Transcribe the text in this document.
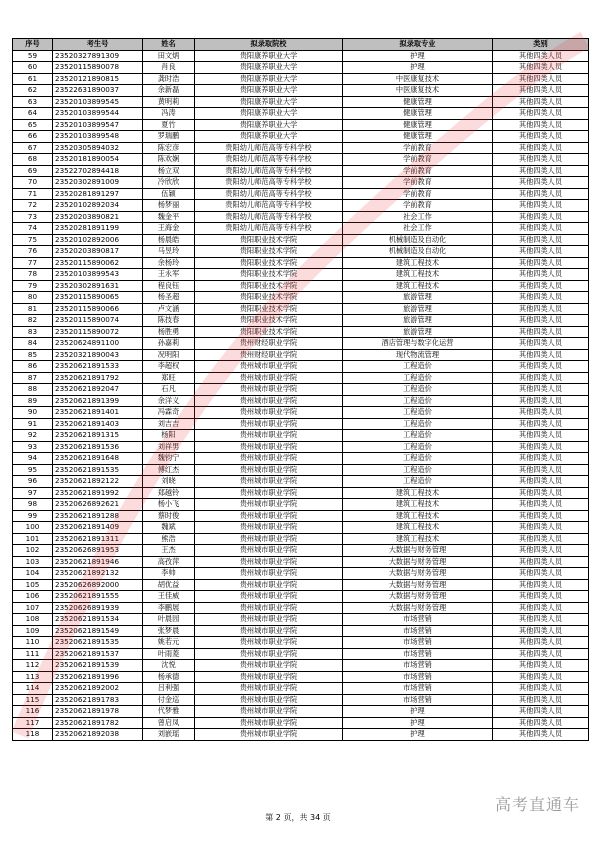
序号	考生号	姓名	拟录取院校	拟录取专业	类别
59	23520327891309	田文炳	贵阳康养职业大学	护理	其他四类人员
60	23520115890078	肖良	贵阳康养职业大学	护理	其他四类人员
61	23520121890815	龚时浩	贵阳康养职业大学	中医康复技术	其他四类人员
62	23522631890037	余新磊	贵阳康养职业大学	中医康复技术	其他四类人员
63	23520103899545	黄明莉	贵阳康养职业大学	健康管理	其他四类人员
64	23520103899544	冯涛	贵阳康养职业大学	健康管理	其他四类人员
65	23520103899547	夏竹	贵阳康养职业大学	健康管理	其他四类人员
66	23520103899548	罗瑞鹏	贵阳康养职业大学	健康管理	其他四类人员
67	23520305894032	陈宏彦	贵阳幼儿师范高等专科学校	学前教育	其他四类人员
68	23520181890054	陈欢娴	贵阳幼儿师范高等专科学校	学前教育	其他四类人员
69	23522702894418	杨立双	贵阳幼儿师范高等专科学校	学前教育	其他四类人员
70	23520302891009	冷欣欣	贵阳幼儿师范高等专科学校	学前教育	其他四类人员
71	23520281891297	伍颖	贵阳幼儿师范高等专科学校	学前教育	其他四类人员
72	23520102892034	杨梦丽	贵阳幼儿师范高等专科学校	学前教育	其他四类人员
73	23520203890821	魏金平	贵阳幼儿师范高等专科学校	社会工作	其他四类人员
74	23520281891199	王海金	贵阳幼儿师范高等专科学校	社会工作	其他四类人员
75	23520102892006	杨晨皓	贵阳职业技术学院	机械制造及自动化	其他四类人员
76	23520203890817	马昱玲	贵阳职业技术学院	机械制造及自动化	其他四类人员
77	23520115890062	余杨玲	贵阳职业技术学院	建筑工程技术	其他四类人员
78	23520103899543	王永军	贵阳职业技术学院	建筑工程技术	其他四类人员
79	23520302891631	程良钰	贵阳职业技术学院	建筑工程技术	其他四类人员
80	23520115890065	杨圣超	贵阳职业技术学院	旅游管理	其他四类人员
81	23520115890066	卢文涵	贵阳职业技术学院	旅游管理	其他四类人员
82	23520115890074	陈技春	贵阳职业技术学院	旅游管理	其他四类人员
83	23520115890072	杨胜勇	贵阳职业技术学院	旅游管理	其他四类人员
84	23520624891100	孙嘉莉	贵州财经职业学院	酒店管理与数字化运营	其他四类人员
85	23520321890043	况明阳	贵州财经职业学院	现代物流管理	其他四类人员
86	23520621891533	李超权	贵州城市职业学院	工程造价	其他四类人员
87	23520621891792	郑旺	贵州城市职业学院	工程造价	其他四类人员
88	23520621892047	石凡	贵州城市职业学院	工程造价	其他四类人员
89	23520621891399	余洋义	贵州城市职业学院	工程造价	其他四类人员
90	23520621891401	冯霖奇	贵州城市职业学院	工程造价	其他四类人员
91	23520621891403	刘吉吉	贵州城市职业学院	工程造价	其他四类人员
92	23520621891315	杨阳	贵州城市职业学院	工程造价	其他四类人员
93	23520621891536	刘祥男	贵州城市职业学院	工程造价	其他四类人员
94	23520621891648	魏钧宁	贵州城市职业学院	工程造价	其他四类人员
95	23520621891535	傅红杰	贵州城市职业学院	工程造价	其他四类人员
96	23520621892122	刘晓	贵州城市职业学院	工程造价	其他四类人员
97	23520621891992	郑越铃	贵州城市职业学院	建筑工程技术	其他四类人员
98	23520626892621	杨小飞	贵州城市职业学院	建筑工程技术	其他四类人员
99	23520621891288	蔡时俊	贵州城市职业学院	建筑工程技术	其他四类人员
100	23520621891409	魏斌	贵州城市职业学院	建筑工程技术	其他四类人员
101	23520621891311	熊浩	贵州城市职业学院	建筑工程技术	其他四类人员
102	23520626891953	王杰	贵州城市职业学院	大数据与财务管理	其他四类人员
103	23520621891946	高孜萍	贵州城市职业学院	大数据与财务管理	其他四类人员
104	23520621892132	李帅	贵州城市职业学院	大数据与财务管理	其他四类人员
105	23520626892000	胡优益	贵州城市职业学院	大数据与财务管理	其他四类人员
106	23520621891555	王佳威	贵州城市职业学院	大数据与财务管理	其他四类人员
107	23520626891939	李鹏展	贵州城市职业学院	大数据与财务管理	其他四类人员
108	23520621891534	叶晨园	贵州城市职业学院	市场营销	其他四类人员
109	23520621891549	张梦晨	贵州城市职业学院	市场营销	其他四类人员
110	23520621891535	姚若元	贵州城市职业学院	市场营销	其他四类人员
111	23520621891537	叶雨菱	贵州城市职业学院	市场营销	其他四类人员
112	23520621891539	沈悦	贵州城市职业学院	市场营销	其他四类人员
113	23520621891996	杨承德	贵州城市职业学院	市场营销	其他四类人员
114	23520621892002	吕利强	贵州城市职业学院	市场营销	其他四类人员
115	23520621891783	付金巡	贵州城市职业学院	市场营销	其他四类人员
116	23520621891978	代梦雅	贵州城市职业学院	护理	其他四类人员
117	23520621891782	曾启凤	贵州城市职业学院	护理	其他四类人员
118	23520621892038	刘嵌瑶	贵州城市职业学院	护理	其他四类人员
第 2 页，共 34 页
高考直通车
